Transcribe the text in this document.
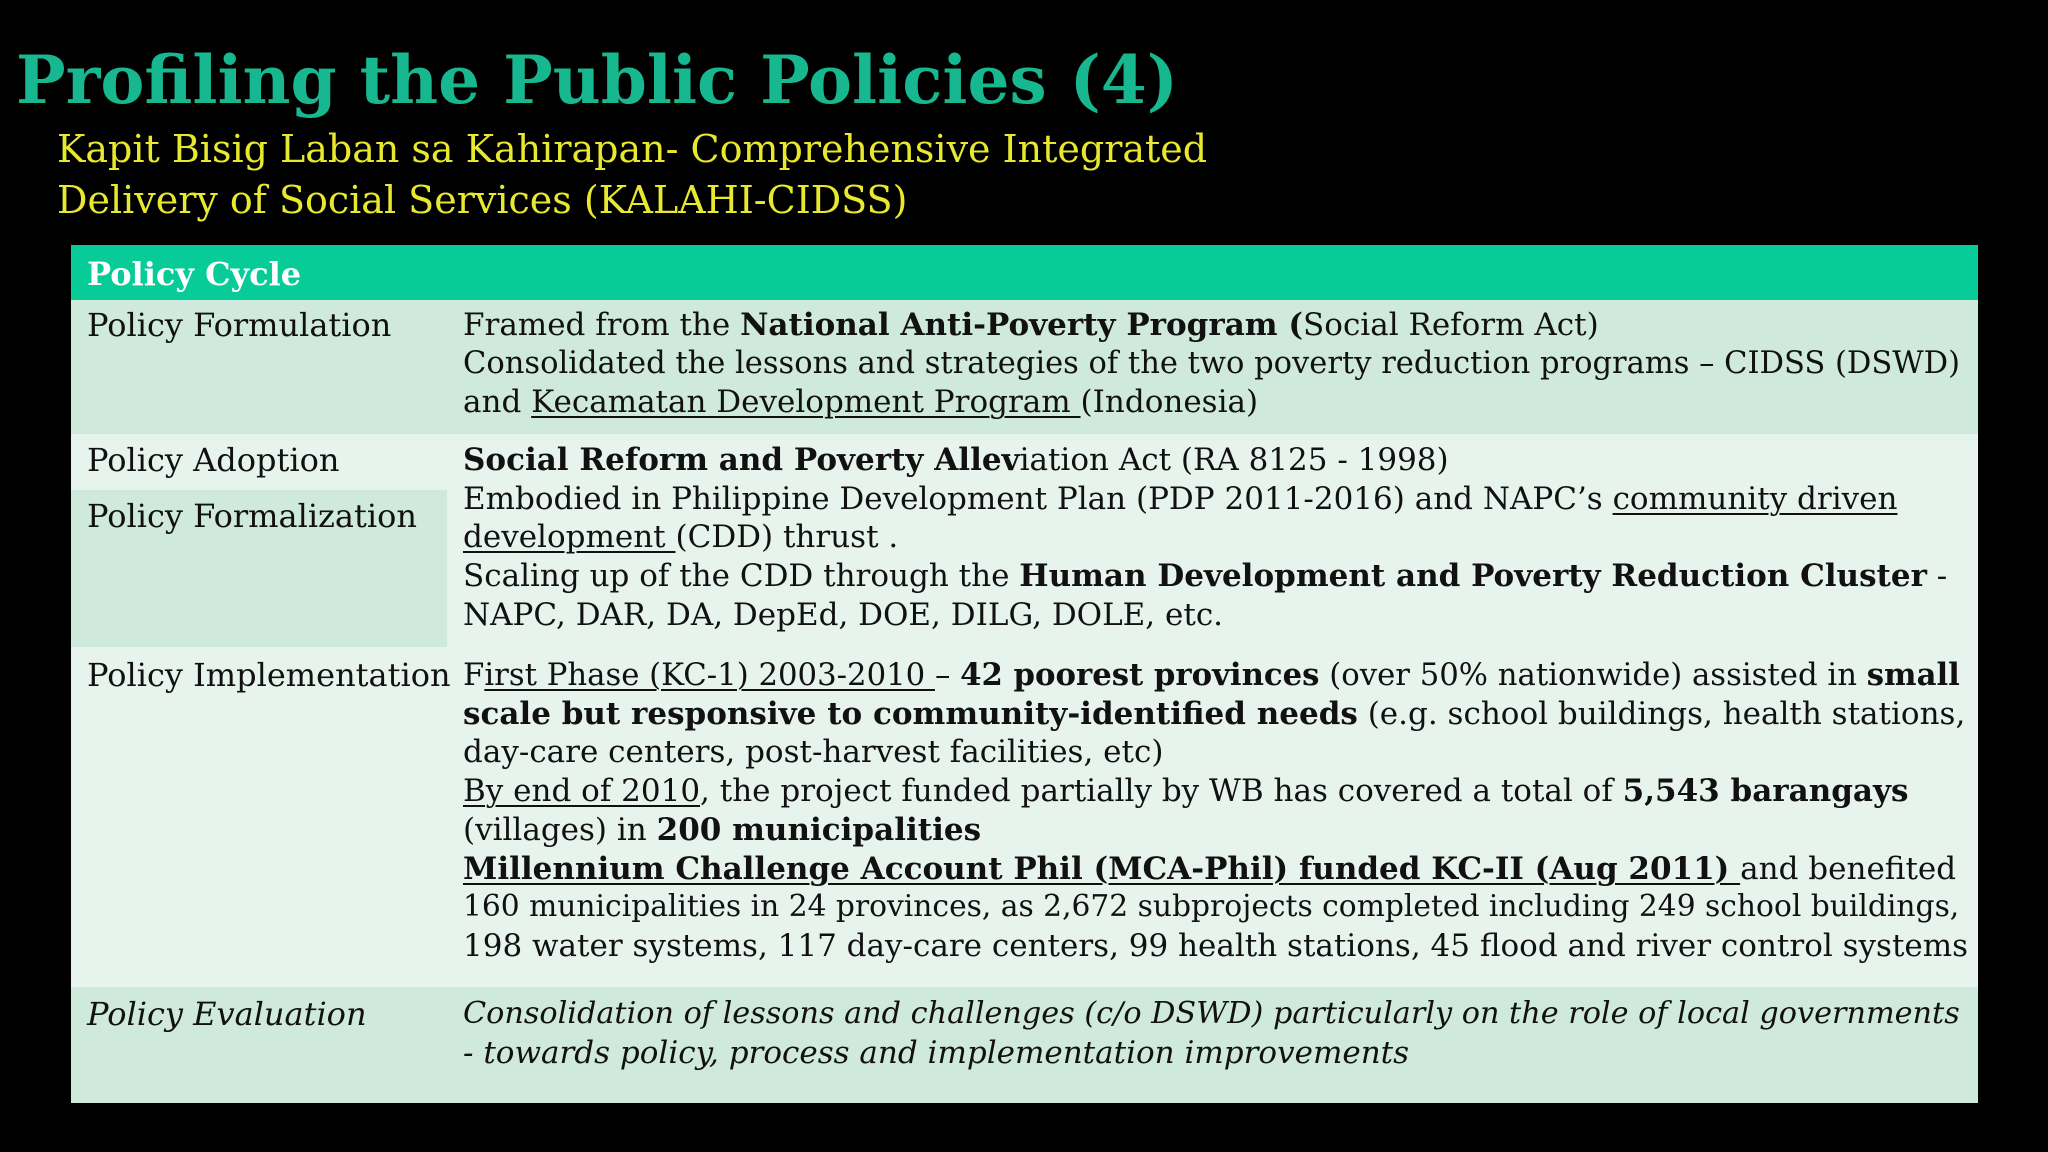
Profiling the Public Policies (4)
Kapit Bisig Laban sa Kahirapan- Comprehensive Integrated
Delivery of Social Services (KALAHI-CIDSS)
Policy Cycle
Policy Formulation Framed from the National Anti-Poverty Program (Social Reform Act)
Consolidated the lessons and strategies of the two poverty reduction programs – CIDSS (DSWD)
and Kecamatan Development Program (Indonesia)
Policy Adoption
Policy Formalization
Social Reform and Poverty Alleviation Act (RA 8125 - 1998)
Embodied in Philippine Development Plan (PDP 2011-2016) and NAPC’s community driven
development (CDD) thrust .
Scaling up of the CDD through the Human Development and Poverty Reduction Cluster -
NAPC, DAR, DA, DepEd, DOE, DILG, DOLE, etc.
Policy Implementation First Phase (KC-1) 2003-2010 – 42 poorest provinces (over 50% nationwide) assisted in small
scale but responsive to community-identified needs (e.g. school buildings, health stations,
day-care centers, post-harvest facilities, etc)
By end of 2010, the project funded partially by WB has covered a total of 5,543 barangays
(villages) in 200 municipalities
Millennium Challenge Account Phil (MCA-Phil) funded KC-II (Aug 2011) and benefited
160 municipalities in 24 provinces, as 2,672 subprojects completed including 249 school buildings,
198 water systems, 117 day-care centers, 99 health stations, 45 flood and river control systems
Policy Evaluation	Consolidation of lessons and challenges (c/o DSWD) particularly on the role of local governments
- towards policy, process and implementation improvements
